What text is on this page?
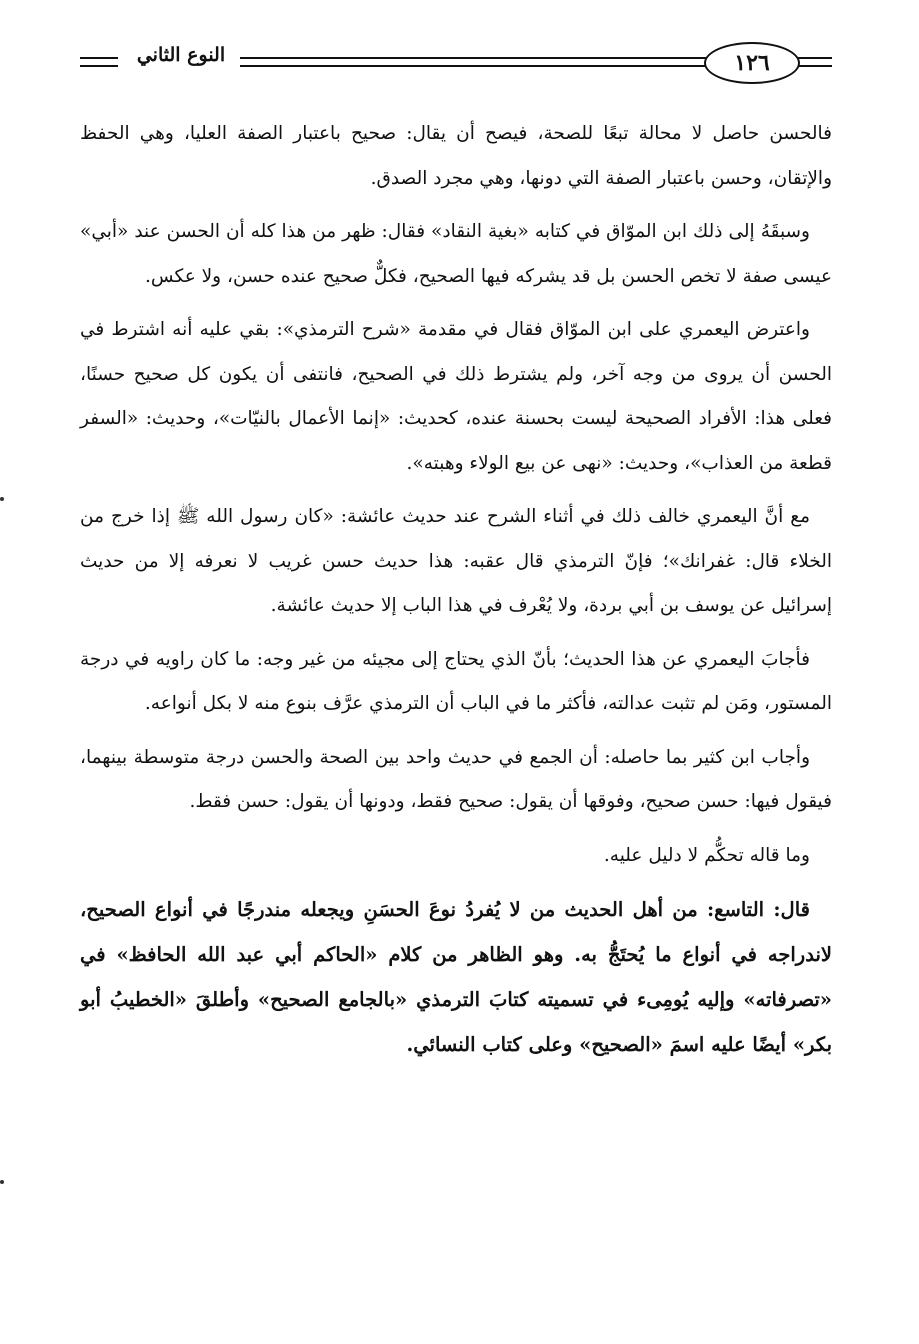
النوع الثاني	١٢٦

فالحسن حاصل لا محالة تبعًا للصحة، فيصح أن يقال: صحيح باعتبار الصفة العليا، وهي الحفظ والإتقان، وحسن باعتبار الصفة التي دونها، وهي مجرد الصدق.

وسبقَهُ إلى ذلك ابن الموّاق في كتابه «بغية النقاد» فقال: ظهر من هذا كله أن الحسن عند «أبي» عيسى صفة لا تخص الحسن بل قد يشركه فيها الصحيح، فكلٌّ صحيح عنده حسن، ولا عكس.

واعترض اليعمري على ابن الموّاق فقال في مقدمة «شرح الترمذي»: بقي عليه أنه اشترط في الحسن أن يروى من وجه آخر، ولم يشترط ذلك في الصحيح، فانتفى أن يكون كل صحيح حسنًا، فعلى هذا: الأفراد الصحيحة ليست بحسنة عنده، كحديث: «إنما الأعمال بالنيّات»، وحديث: «السفر قطعة من العذاب»، وحديث: «نهى عن بيع الولاء وهبته».

مع أنَّ اليعمري خالف ذلك في أثناء الشرح عند حديث عائشة: «كان رسول الله ﷺ إذا خرج من الخلاء قال: غفرانك»؛ فإنّ الترمذي قال عقبه: هذا حديث حسن غريب لا نعرفه إلا من حديث إسرائيل عن يوسف بن أبي بردة، ولا يُعْرف في هذا الباب إلا حديث عائشة.

فأجابَ اليعمري عن هذا الحديث؛ بأنّ الذي يحتاج إلى مجيئه من غير وجه: ما كان راويه في درجة المستور، ومَن لم تثبت عدالته، فأكثر ما في الباب أن الترمذي عرَّف بنوع منه لا بكل أنواعه.

وأجاب ابن كثير بما حاصله: أن الجمع في حديث واحد بين الصحة والحسن درجة متوسطة بينهما، فيقول فيها: حسن صحيح، وفوقها أن يقول: صحيح فقط، ودونها أن يقول: حسن فقط.

وما قاله تحكُّم لا دليل عليه.

قال: التاسع: من أهل الحديث من لا يُفردُ نوعَ الحسَنِ ويجعله مندرجًا في أنواع الصحيح، لاندراجه في أنواع ما يُحتَجُّ به. وهو الظاهر من كلام «الحاكم أبي عبد الله الحافظ» في «تصرفاته» وإليه يُومِىء في تسميته كتابَ الترمذي «بالجامع الصحيح» وأطلقَ «الخطيبُ أبو بكر» أيضًا عليه اسمَ «الصحيح» وعلى كتاب النسائي.
